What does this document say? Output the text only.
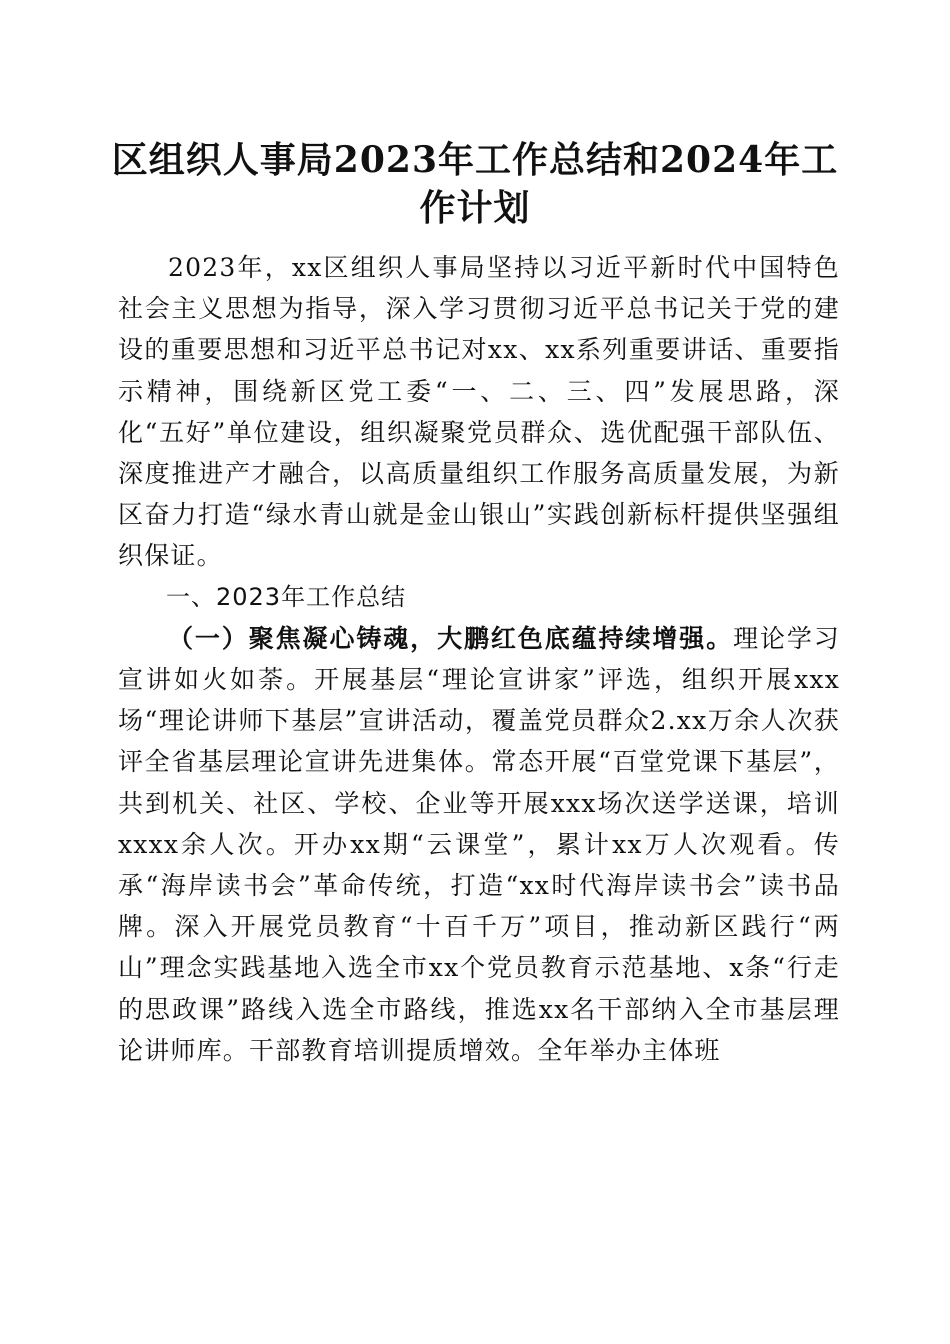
区组织人事局2023年工作总结和2024年工作计划

2023年，xx区组织人事局坚持以习近平新时代中国特色社会主义思想为指导，深入学习贯彻习近平总书记关于党的建设的重要思想和习近平总书记对xx、xx系列重要讲话、重要指示精神，围绕新区党工委“一、二、三、四”发展思路，深化“五好”单位建设，组织凝聚党员群众、选优配强干部队伍、深度推进产才融合，以高质量组织工作服务高质量发展，为新区奋力打造“绿水青山就是金山银山”实践创新标杆提供坚强组织保证。

一、2023年工作总结

（一）聚焦凝心铸魂，大鹏红色底蕴持续增强。理论学习宣讲如火如荼。开展基层“理论宣讲家”评选，组织开展xxx场“理论讲师下基层”宣讲活动，覆盖党员群众2.xx万余人次获评全省基层理论宣讲先进集体。常态开展“百堂党课下基层”，共到机关、社区、学校、企业等开展xxx场次送学送课，培训xxxx余人次。开办xx期“云课堂”，累计xx万人次观看。传承“海岸读书会”革命传统，打造“xx时代海岸读书会”读书品牌。深入开展党员教育“十百千万”项目，推动新区践行“两山”理念实践基地入选全市xx个党员教育示范基地、x条“行走的思政课”路线入选全市路线，推选xx名干部纳入全市基层理论讲师库。干部教育培训提质增效。全年举办主体班
